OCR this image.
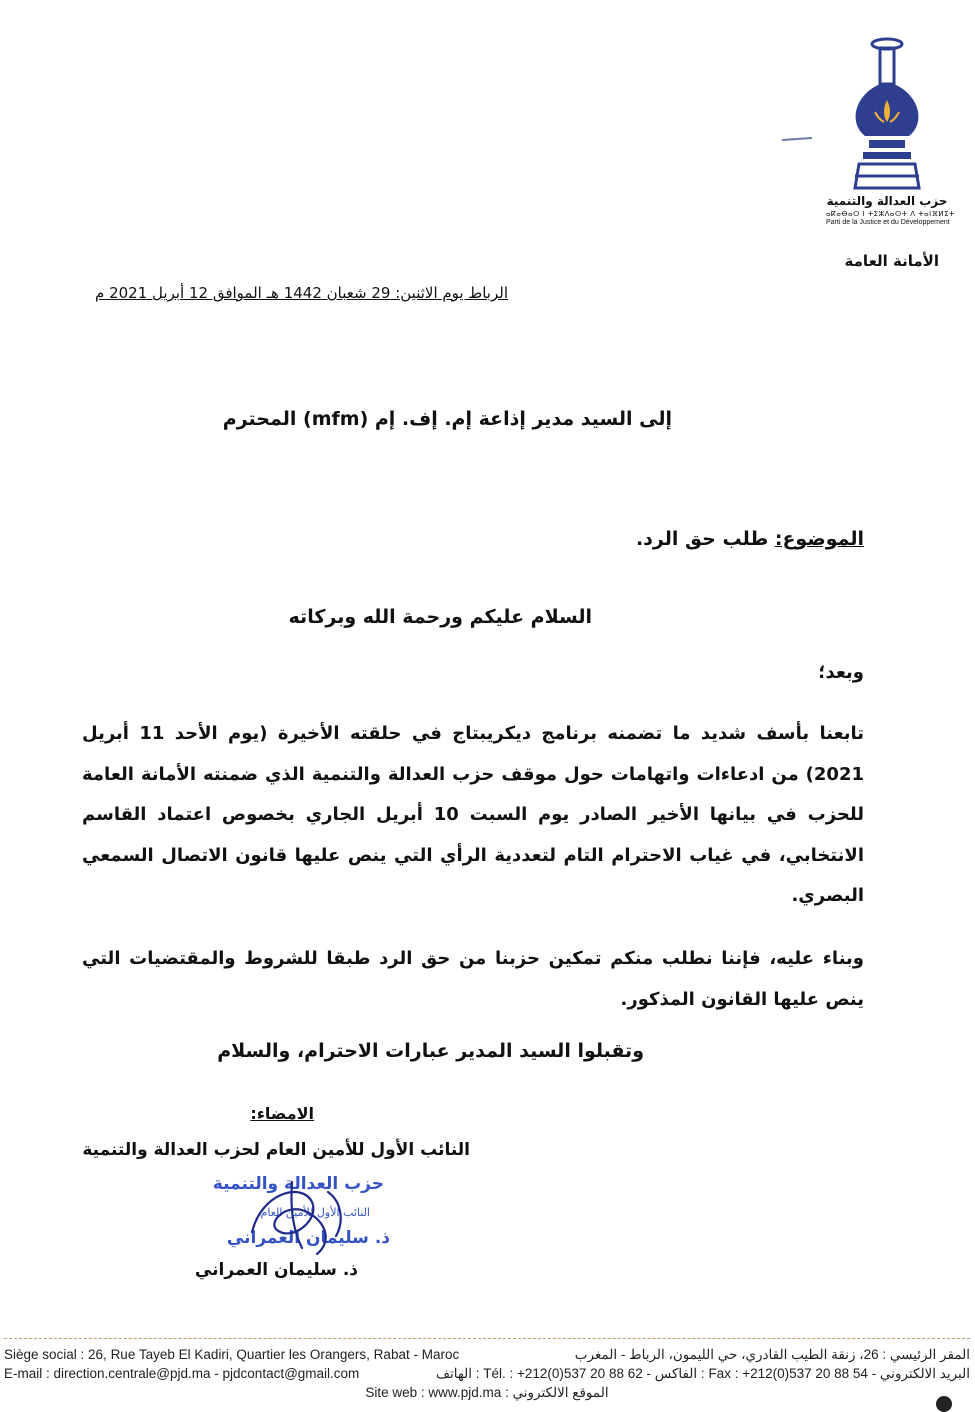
حزب العدالة والتنمية
ⴰⴽⴰⴱⴰⵔ ⵏ ⵜⵉⵣⴷⴰⵔⵜ ⴷ ⵜⴰⵏⴼⵍⵉⵜ
Parti de la Justice et du Développement
الأمانة العامة
الرباط يوم الاثنين: 29 شعبان 1442 هـ الموافق 12 أبريل 2021 م
إلى السيد مدير إذاعة إم. إف. إم (mfm) المحترم
الموضوع: طلب حق الرد.
السلام عليكم ورحمة الله وبركاته
وبعد؛
تابعنا بأسف شديد ما تضمنه برنامج ديكريبتاج في حلقته الأخيرة (يوم الأحد 11 أبريل 2021) من ادعاءات واتهامات حول موقف حزب العدالة والتنمية الذي ضمنته الأمانة العامة للحزب في بيانها الأخير الصادر يوم السبت 10 أبريل الجاري بخصوص اعتماد القاسم الانتخابي، في غياب الاحترام التام لتعددية الرأي التي ينص عليها قانون الاتصال السمعي البصري.
وبناء عليه، فإننا نطلب منكم تمكين حزبنا من حق الرد طبقا للشروط والمقتضيات التي ينص عليها القانون المذكور.
وتقبلوا السيد المدير عبارات الاحترام، والسلام
الامضاء:
النائب الأول للأمين العام لحزب العدالة والتنمية
حزب العدالة والتنمية
النائب الأول للأمين العام
ذ. سليمان العمراني
ذ. سليمان العمراني
Siège social : 26, Rue Tayeb El Kadiri, Quartier les Orangers, Rabat - Maroc	المقر الرئيسي : 26، زنقة الطيب القادري، حي الليمون، الرباط - المغرب
E-mail : direction.centrale@pjd.ma - pjdcontact@gmail.com	البريد الالكتروني - Fax : +212(0)537 20 88 54 : الفاكس - Tél. : +212(0)537 20 88 62 : الهاتف
Site web : www.pjd.ma : الموقع الالكتروني
